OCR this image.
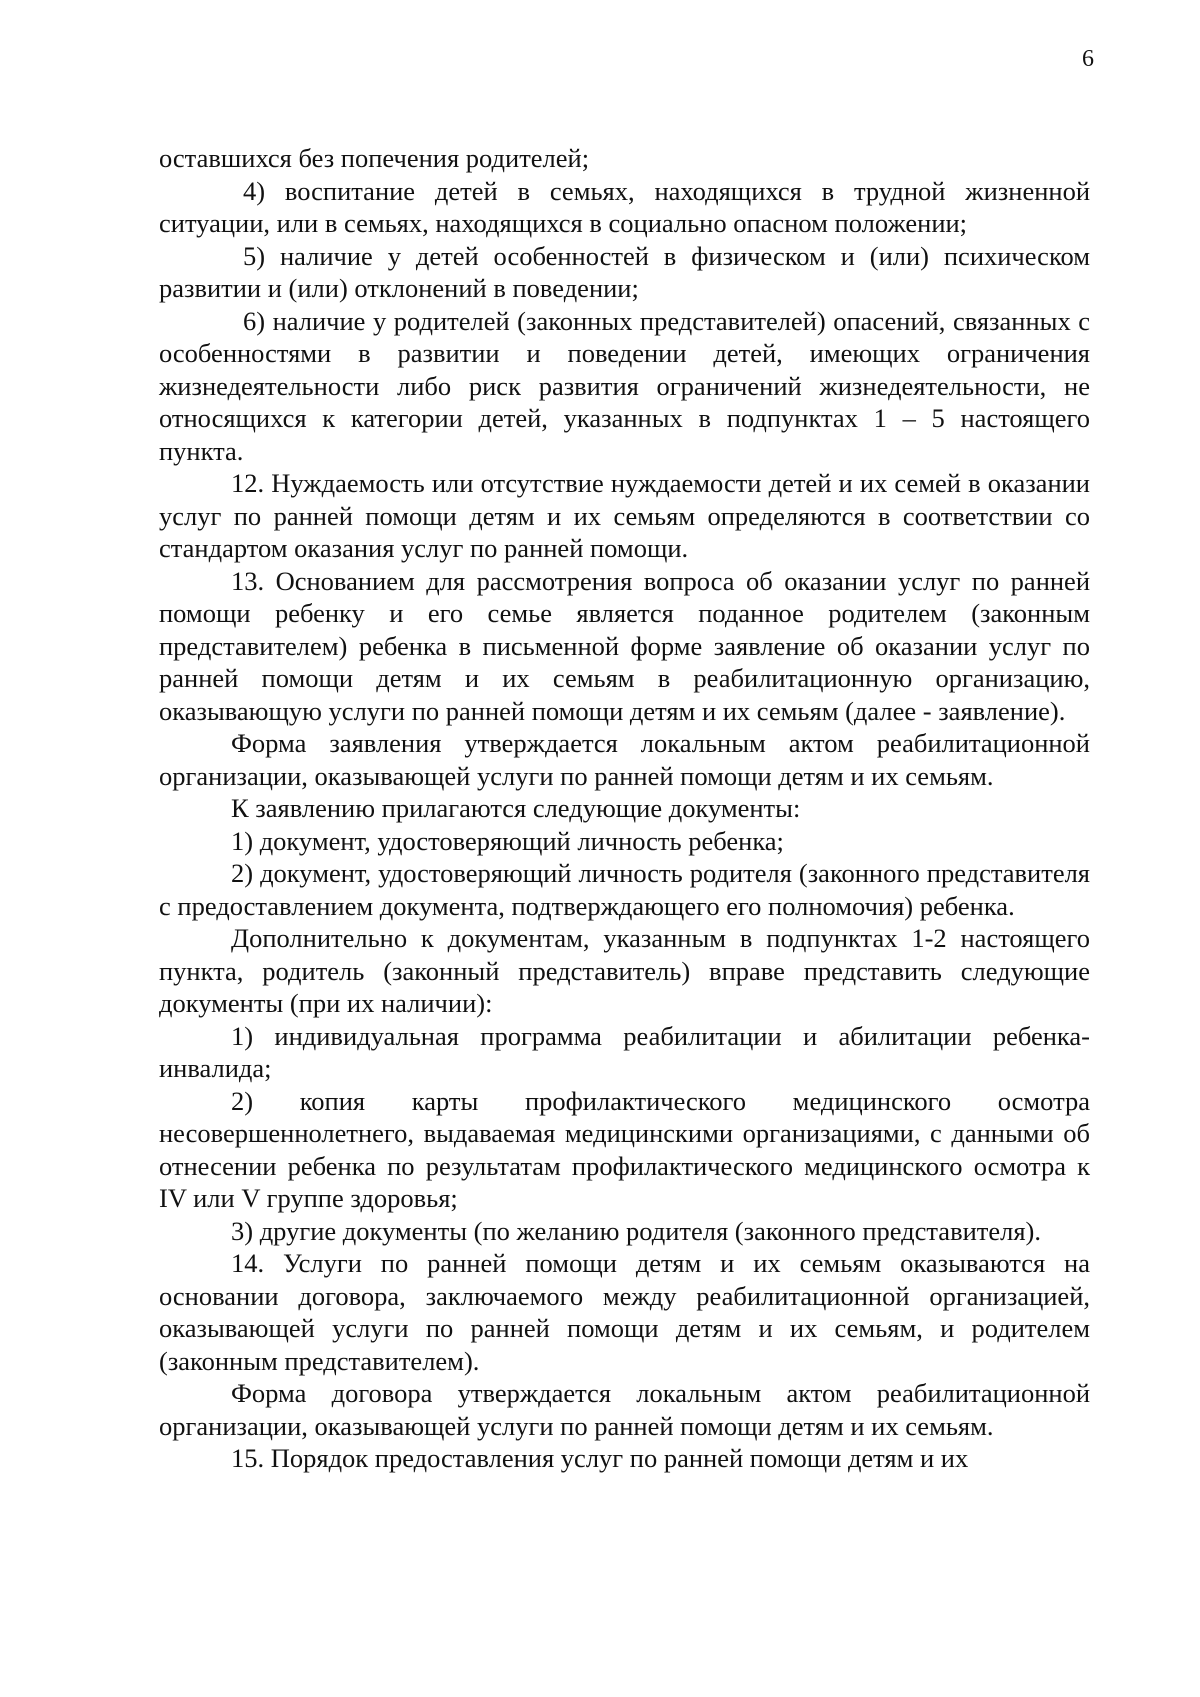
6

оставшихся без попечения родителей;

4) воспитание детей в семьях, находящихся в трудной жизненной ситуации, или в семьях, находящихся в социально опасном положении;

5) наличие у детей особенностей в физическом и (или) психическом развитии и (или) отклонений в поведении;

6) наличие у родителей (законных представителей) опасений, связанных с особенностями в развитии и поведении детей, имеющих ограничения жизнедеятельности либо риск развития ограничений жизнедеятельности, не относящихся к категории детей, указанных в подпунктах 1 – 5 настоящего пункта.

12. Нуждаемость или отсутствие нуждаемости детей и их семей в оказании услуг по ранней помощи детям и их семьям определяются в соответствии со стандартом оказания услуг по ранней помощи.

13. Основанием для рассмотрения вопроса об оказании услуг по ранней помощи ребенку и его семье является поданное родителем (законным представителем) ребенка в письменной форме заявление об оказании услуг по ранней помощи детям и их семьям в реабилитационную организацию, оказывающую услуги по ранней помощи детям и их семьям (далее - заявление).

Форма заявления утверждается локальным актом реабилитационной организации, оказывающей услуги по ранней помощи детям и их семьям.

К заявлению прилагаются следующие документы:

1) документ, удостоверяющий личность ребенка;

2) документ, удостоверяющий личность родителя (законного представителя с предоставлением документа, подтверждающего его полномочия) ребенка.

Дополнительно к документам, указанным в подпунктах 1-2 настоящего пункта, родитель (законный представитель) вправе представить следующие документы (при их наличии):

1) индивидуальная программа реабилитации и абилитации ребенка-инвалида;

2) копия карты профилактического медицинского осмотра несовершеннолетнего, выдаваемая медицинскими организациями, с данными об отнесении ребенка по результатам профилактического медицинского осмотра к IV или V группе здоровья;

3) другие документы (по желанию родителя (законного представителя).

14. Услуги по ранней помощи детям и их семьям оказываются на основании договора, заключаемого между реабилитационной организацией, оказывающей услуги по ранней помощи детям и их семьям, и родителем (законным представителем).

Форма договора утверждается локальным актом реабилитационной организации, оказывающей услуги по ранней помощи детям и их семьям.

15. Порядок предоставления услуг по ранней помощи детям и их
